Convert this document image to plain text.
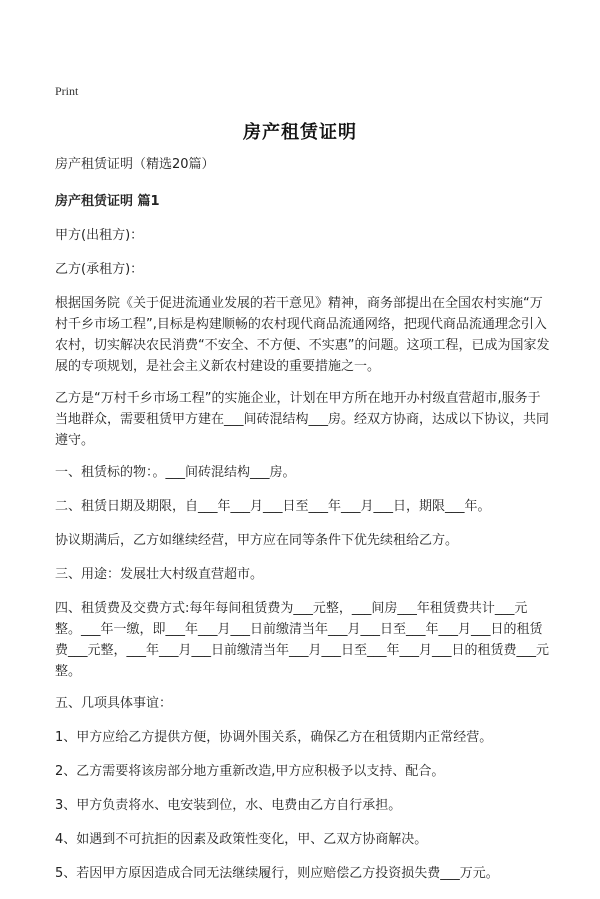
Print
房产租赁证明

房产租赁证明（精选20篇）

房产租赁证明 篇1

甲方(出租方)：

乙方(承租方)：

根据国务院《关于促进流通业发展的若干意见》精神，商务部提出在全国农村实施“万村千乡市场工程”,目标是构建顺畅的农村现代商品流通网络，把现代商品流通理念引入农村，切实解决农民消费“不安全、不方便、不实惠”的问题。这项工程，已成为国家发展的专项规划，是社会主义新农村建设的重要措施之一。

乙方是“万村千乡市场工程”的实施企业，计划在甲方所在地开办村级直营超市,服务于当地群众，需要租赁甲方建在___间砖混结构___房。经双方协商，达成以下协议，共同遵守。

一、租赁标的物：。___间砖混结构___房。

二、租赁日期及期限，自___年___月___日至___年___月___日，期限___年。

协议期满后，乙方如继续经营，甲方应在同等条件下优先续租给乙方。

三、用途：发展壮大村级直营超市。

四、租赁费及交费方式:每年每间租赁费为___元整，___间房___年租赁费共计___元整。___年一缴，即___年___月___日前缴清当年___月___日至___年___月___日的租赁费___元整，___年___月___日前缴清当年___月___日至___年___月___日的租赁费___元整。

五、几项具体事谊：

1、甲方应给乙方提供方便，协调外围关系，确保乙方在租赁期内正常经营。

2、乙方需要将该房部分地方重新改造,甲方应积极予以支持、配合。

3、甲方负责将水、电安装到位，水、电费由乙方自行承担。

4、如遇到不可抗拒的因素及政策性变化，甲、乙双方协商解决。

5、若因甲方原因造成合同无法继续履行，则应赔偿乙方投资损失费___万元。
